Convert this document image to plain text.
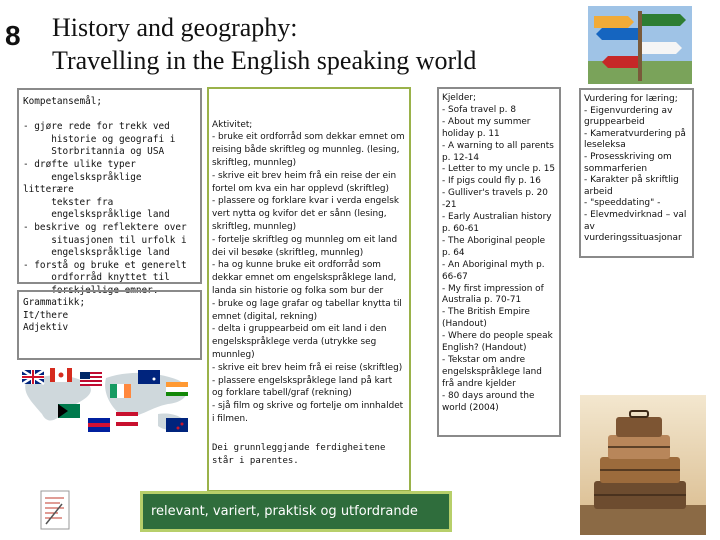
8 History and geography:
Travelling in the English speaking world
Kompetansemål;

- gjøre rede for trekk ved
historie og geografi i
Storbritannia og USA
- drøfte ulike typer
engelskspråklige litterære
tekster fra
engelskspråklige land
- beskrive og reflektere over
situasjonen til urfolk i
engelskspråklige land
- forstå og bruke et generelt
ordforråd knyttet til
forskjellige emner.
Grammatikk;
It/there
Adjektiv

Aktivitet;
- bruke eit ordforråd som dekkar emnet om reising både skriftleg og munnleg. (lesing, skriftleg, munnleg)
- skrive eit brev heim frå ein reise der ein fortel om kva ein har opplevd (skriftleg)
- plassere og forklare kvar i verda engelsk vert nytta og kvifor det er sånn (lesing, skriftleg, munnleg)
- fortelje skriftleg og munnleg om eit land dei vil besøke (skriftleg, munnleg)
- ha og kunne bruke eit ordforråd som dekkar emnet om engelskspråklege land, landa sin historie og folka som bur der
- bruke og lage grafar og tabellar knytta til emnet (digital, rekning)
- delta i gruppearbeid om eit land i den engelskspråklege verda (utrykke seg munnleg)
- skrive eit brev heim frå ei reise (skriftleg)
- plassere engelskspråklege land på kart og forklare tabell/graf (rekning)
- sjå film og skrive og fortelje om innhaldet i filmen.

Dei grunnleggjande ferdigheitene står i parentes.
Kjelder;
- Sofa travel p. 8
- About my summer holiday p. 11
- A warning to all parents p. 12-14
- Letter to my uncle p. 15
- If pigs could fly p. 16
- Gulliver's travels p. 20 -21
- Early Australian history p. 60-61
- The Aboriginal people p. 64
- An Aboriginal myth p. 66-67
- My first impression of Australia p. 70-71
- The British Empire (Handout)
- Where do people speak English? (Handout)
- Tekstar om andre engelskspråklege land frå andre kjelder
- 80 days around the world (2004)
Vurdering for læring;
- Eigenvurdering av gruppearbeid
- Kameratvurdering på leseleksa
- Prosesskriving om sommarferien
- Karakter på skriftlig arbeid
- "speeddating" -
- Elevmedvirknad – val av vurderingssituasjonar
relevant, variert, praktisk og utfordrande
